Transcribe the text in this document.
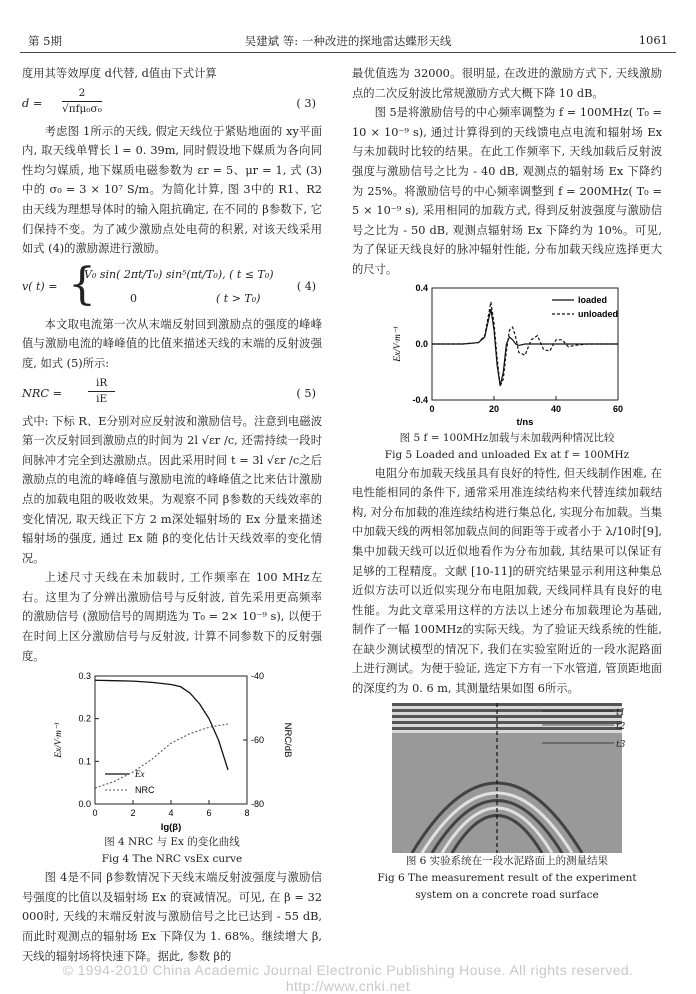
第 5期	吴建斌 等: 一种改进的探地雷达蝶形天线	1061

度用其等效厚度 d代替, d值由下式计算

d =
2
√πfμ₀σ₀	( 3)

考虑图 1所示的天线, 假定天线位于紧贴地面的 xy平面内, 取天线单臂长 l = 0. 39m, 同时假设地下媒质为各向同性均匀媒质, 地下媒质电磁参数为 εr = 5、μr = 1, 式 (3)中的 σ₀ = 3 × 10⁷ S/m。为简化计算, 图 3中的 R1、R2由天线为理想导体时的输入阻抗确定, 在不同的 β参数下, 它们保持不变。为了减少激励点处电荷的积累, 对该天线采用如式 (4)的激励源进行激励。

v( t) = {
V₀ sin( 2πt/T₀) sin⁵(πt/T₀), ( t ≤ T₀)
0	( t > T₀)
( 4)

本文取电流第一次从末端反射回到激励点的强度的峰峰值与激励电流的峰峰值的比值来描述天线的末端的反射波强度, 如式 (5)所示:

NRC = $\frac{iR}{iE}$	( 5)

式中: 下标 R、E分别对应反射波和激励信号。注意到电磁波第一次反射回到激励点的时间为 2l √εr /c, 还需持续一段时间脉冲才完全到达激励点。因此采用时间 t = 3l √εr /c之后激励点的电流的峰峰值与激励电流的峰峰值之比来估计激励点的加载电阻的吸收效果。为观察不同 β参数的天线效率的变化情况, 取天线正下方 2 m深处辐射场的 Ex 分量来描述辐射场的强度, 通过 Ex 随 β的变化估计天线效率的变化情况。

上述尺寸天线在未加载时, 工作频率在 100 MHz左右。这里为了分辨出激励信号与反射波, 首先采用更高频率的激励信号 (激励信号的周期选为 T₀ = 2× 10⁻⁹ s), 以便于在时间上区分激励信号与反射波, 计算不同参数下的反射强度。

0	2	4	6	8
0.0
0.1
0.2
0.3	-40
-60
-80
lg(β)
Ex/V·m⁻¹	NRC/dB
Ex
NRC

图 4 NRC 与 Ex 的变化曲线

Fig 4 The NRC vsEx curve

图 4是不同 β参数情况下天线末端反射波强度与激励信号强度的比值以及辐射场 Ex 的衰减情况。可见, 在 β = 32 000时, 天线的末端反射波与激励信号之比已达到 - 55 dB, 而此时观测点的辐射场 Ex 下降仅为 1. 68%。继续增大 β, 天线的辐射场将快速下降。据此, 参数 β的

最优值选为 32000。很明显, 在改进的激励方式下, 天线激励点的二次反射波比常规激励方式大概下降 10 dB。

图 5是将激励信号的中心频率调整为 f = 100MHz( T₀ = 10 × 10⁻⁹ s), 通过计算得到的天线馈电点电流和辐射场 Ex 与未加载时比较的结果。在此工作频率下, 天线加载后反射波强度与激励信号之比为 - 40 dB, 观测点的辐射场 Ex 下降约为 25%。将激励信号的中心频率调整到 f = 200MHz( T₀ = 5 × 10⁻⁹ s), 采用相同的加载方式, 得到反射波强度与激励信号之比为 - 50 dB, 观测点辐射场 Ex 下降约为 10%。可见, 为了保证天线良好的脉冲辐射性能, 分布加载天线应选择更大的尺寸。

0	20	40	60
-0.4
0.0
0.4
t/ns
Ex/V·m⁻¹
loaded
unloaded

图 5 f = 100MHz加载与未加载两种情况比较

Fig 5 Loaded and unloaded Ex at f = 100MHz

电阻分布加载天线虽具有良好的特性, 但天线制作困难, 在电性能相同的条件下, 通常采用准连续结构来代替连续加载结构, 对分布加载的准连续结构进行集总化, 实现分布加载。当集中加载天线的两相邻加载点间的间距等于或者小于 λ/10时[9], 集中加载天线可以近似地看作为分布加载, 其结果可以保证有足够的工程精度。文献 [10-11]的研究结果显示利用这种集总近似方法可以近似实现分布电阻加载, 天线同样具有良好的电性能。为此文章采用这样的方法以上述分布加载理论为基础, 制作了一幅 100MHz的实际天线。为了验证天线系统的性能, 在缺少测试模型的情况下, 我们在实验室附近的一段水泥路面上进行测试。为便于验证, 选定下方有一下水管道, 管顶距地面的深度约为 0. 6 m, 其测量结果如图 6所示。

t1
t2
t3

图 6 实验系统在一段水泥路面上的测量结果

Fig 6 The measurement result of the experiment

system on a concrete road surface

© 1994-2010 China Academic Journal Electronic Publishing House. All rights reserved. http://www.cnki.net
